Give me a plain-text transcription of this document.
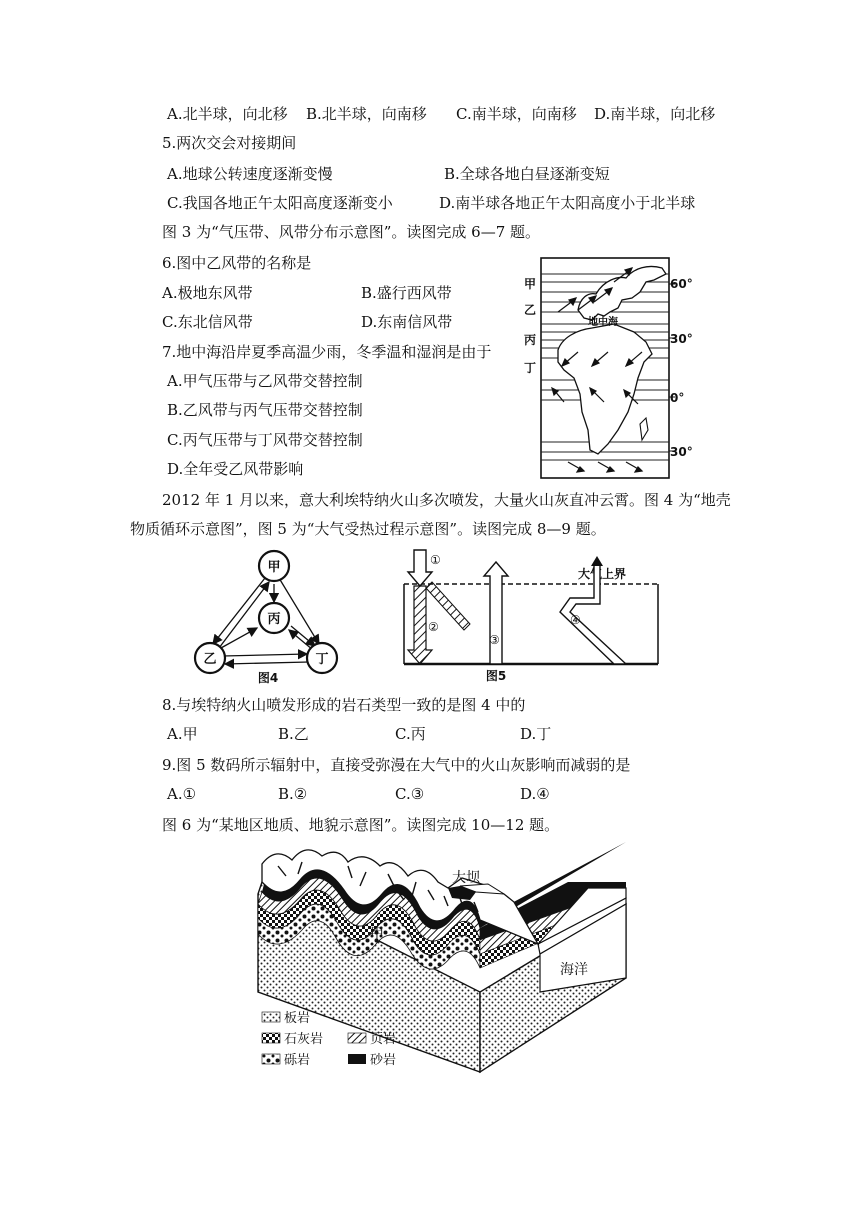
A.北半球，向北移 B.北半球，向南移 C.南半球，向南移 D.南半球，向北移
5.两次交会对接期间
A.地球公转速度逐渐变慢	B.全球各地白昼逐渐变短
C.我国各地正午太阳高度逐渐变小	D.南半球各地正午太阳高度小于北半球
图 3 为“气压带、风带分布示意图”。读图完成 6—7 题。
6.图中乙风带的名称是
A.极地东风带	B.盛行西风带
C.东北信风带	D.东南信风带
7.地中海沿岸夏季高温少雨，冬季温和湿润是由于
A.甲气压带与乙风带交替控制
B.乙风带与丙气压带交替控制
C.丙气压带与丁风带交替控制
D.全年受乙风带影响
甲
乙
丙
丁
地中海
60°
30°
0°
30°
2012 年 1 月以来，意大利埃特纳火山多次喷发，大量火山灰直冲云霄。图 4 为“地壳
物质循环示意图”，图 5 为“大气受热过程示意图”。读图完成 8—9 题。
甲
丙
乙	丁
图4
大气上界
①
②
③
④
图5
8.与埃特纳火山喷发形成的岩石类型一致的是图 4 中的
A.甲	B.乙	C.丙	D.丁
9.图 5 数码所示辐射中，直接受弥漫在大气中的火山灰影响而减弱的是
A.①	B.②	C.③	D.④
图 6 为“某地区地质、地貌示意图”。读图完成 10—12 题。
大坝
甲
海洋
板岩
石灰岩	页岩
砾岩	砂岩
